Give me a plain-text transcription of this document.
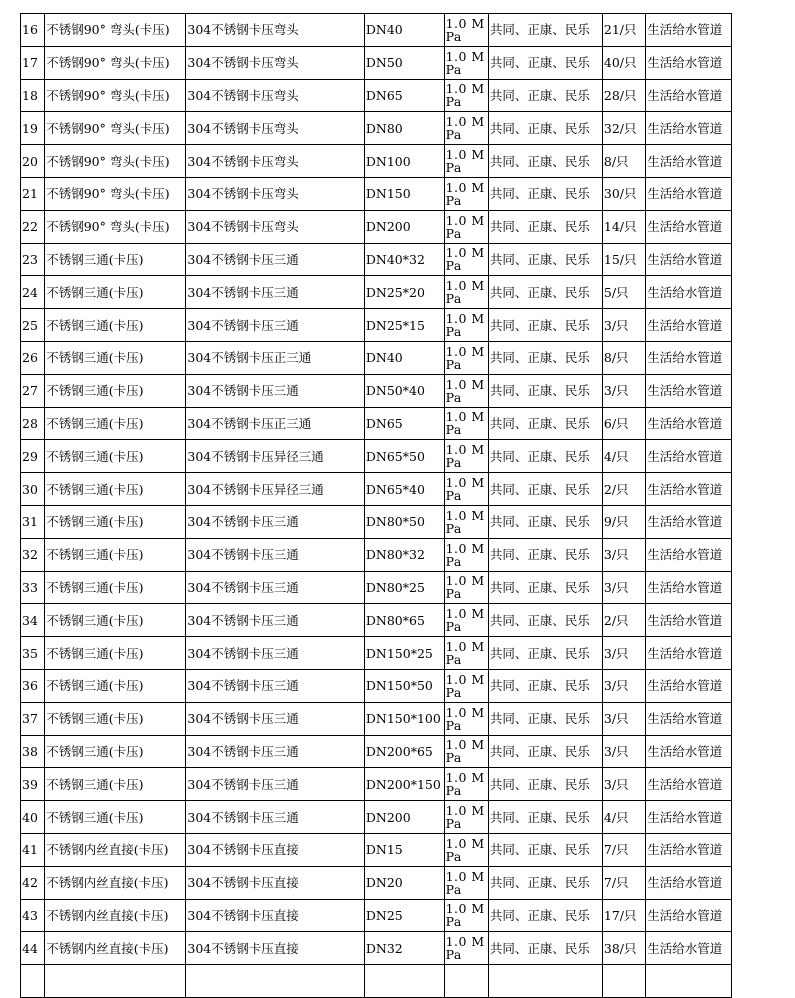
16	不锈钢90° 弯头(卡压)	304不锈钢卡压弯头	DN40	1.0 MPa	共同、正康、民乐	21/只	生活给水管道
17	不锈钢90° 弯头(卡压)	304不锈钢卡压弯头	DN50	1.0 MPa	共同、正康、民乐	40/只	生活给水管道
18	不锈钢90° 弯头(卡压)	304不锈钢卡压弯头	DN65	1.0 MPa	共同、正康、民乐	28/只	生活给水管道
19	不锈钢90° 弯头(卡压)	304不锈钢卡压弯头	DN80	1.0 MPa	共同、正康、民乐	32/只	生活给水管道
20	不锈钢90° 弯头(卡压)	304不锈钢卡压弯头	DN100	1.0 MPa	共同、正康、民乐	8/只	生活给水管道
21	不锈钢90° 弯头(卡压)	304不锈钢卡压弯头	DN150	1.0 MPa	共同、正康、民乐	30/只	生活给水管道
22	不锈钢90° 弯头(卡压)	304不锈钢卡压弯头	DN200	1.0 MPa	共同、正康、民乐	14/只	生活给水管道
23	不锈钢三通(卡压)	304不锈钢卡压三通	DN40*32	1.0 MPa	共同、正康、民乐	15/只	生活给水管道
24	不锈钢三通(卡压)	304不锈钢卡压三通	DN25*20	1.0 MPa	共同、正康、民乐	5/只	生活给水管道
25	不锈钢三通(卡压)	304不锈钢卡压三通	DN25*15	1.0 MPa	共同、正康、民乐	3/只	生活给水管道
26	不锈钢三通(卡压)	304不锈钢卡压正三通	DN40	1.0 MPa	共同、正康、民乐	8/只	生活给水管道
27	不锈钢三通(卡压)	304不锈钢卡压三通	DN50*40	1.0 MPa	共同、正康、民乐	3/只	生活给水管道
28	不锈钢三通(卡压)	304不锈钢卡压正三通	DN65	1.0 MPa	共同、正康、民乐	6/只	生活给水管道
29	不锈钢三通(卡压)	304不锈钢卡压异径三通	DN65*50	1.0 MPa	共同、正康、民乐	4/只	生活给水管道
30	不锈钢三通(卡压)	304不锈钢卡压异径三通	DN65*40	1.0 MPa	共同、正康、民乐	2/只	生活给水管道
31	不锈钢三通(卡压)	304不锈钢卡压三通	DN80*50	1.0 MPa	共同、正康、民乐	9/只	生活给水管道
32	不锈钢三通(卡压)	304不锈钢卡压三通	DN80*32	1.0 MPa	共同、正康、民乐	3/只	生活给水管道
33	不锈钢三通(卡压)	304不锈钢卡压三通	DN80*25	1.0 MPa	共同、正康、民乐	3/只	生活给水管道
34	不锈钢三通(卡压)	304不锈钢卡压三通	DN80*65	1.0 MPa	共同、正康、民乐	2/只	生活给水管道
35	不锈钢三通(卡压)	304不锈钢卡压三通	DN150*25	1.0 MPa	共同、正康、民乐	3/只	生活给水管道
36	不锈钢三通(卡压)	304不锈钢卡压三通	DN150*50	1.0 MPa	共同、正康、民乐	3/只	生活给水管道
37	不锈钢三通(卡压)	304不锈钢卡压三通	DN150*100	1.0 MPa	共同、正康、民乐	3/只	生活给水管道
38	不锈钢三通(卡压)	304不锈钢卡压三通	DN200*65	1.0 MPa	共同、正康、民乐	3/只	生活给水管道
39	不锈钢三通(卡压)	304不锈钢卡压三通	DN200*150	1.0 MPa	共同、正康、民乐	3/只	生活给水管道
40	不锈钢三通(卡压)	304不锈钢卡压三通	DN200	1.0 MPa	共同、正康、民乐	4/只	生活给水管道
41	不锈钢内丝直接(卡压)	304不锈钢卡压直接	DN15	1.0 MPa	共同、正康、民乐	7/只	生活给水管道
42	不锈钢内丝直接(卡压)	304不锈钢卡压直接	DN20	1.0 MPa	共同、正康、民乐	7/只	生活给水管道
43	不锈钢内丝直接(卡压)	304不锈钢卡压直接	DN25	1.0 MPa	共同、正康、民乐	17/只	生活给水管道
44	不锈钢内丝直接(卡压)	304不锈钢卡压直接	DN32	1.0 MPa	共同、正康、民乐	38/只	生活给水管道
